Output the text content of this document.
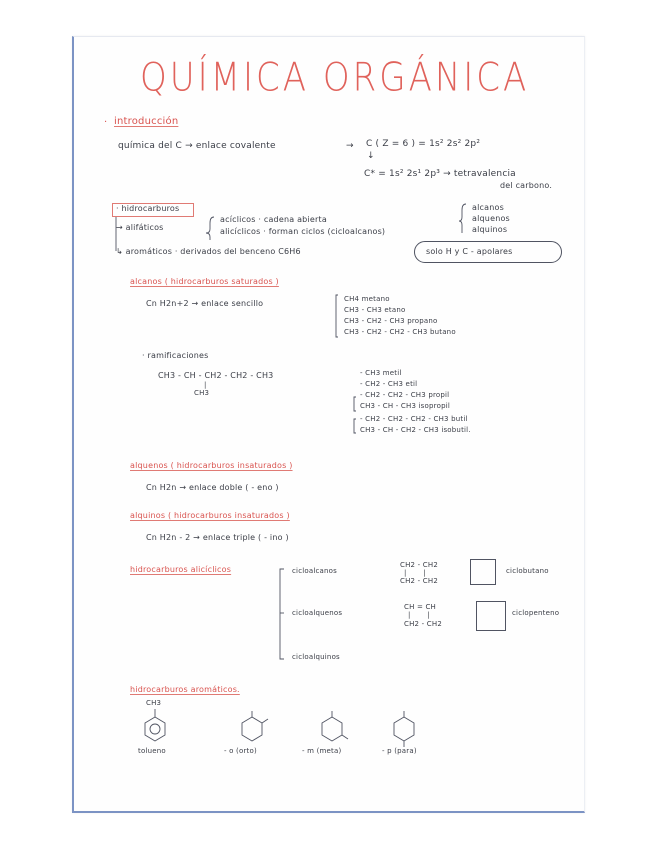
QUÍMICA ORGÁNICA
· introducción
química del C → enlace covalente	→ C ( Z = 6 ) = 1s² 2s² 2p²
↓
C* = 1s² 2s¹ 2p³ → tetravalencia
del carbono.
· hidrocarburos
→ alifáticos
acíclicos · cadena abierta
alicíclicos · forman ciclos (cicloalcanos)
alcanos
alquenos
alquinos
↳ aromáticos · derivados del benceno C6H6	solo H y C - apolares
alcanos ( hidrocarburos saturados )
Cn H2n+2 → enlace sencillo	CH4 metano
CH3 - CH3 etano
CH3 - CH2 - CH3 propano
CH3 - CH2 - CH2 - CH3 butano
· ramificaciones
CH3 - CH - CH2 - CH2 - CH3
|
CH3
- CH3 metil
- CH2 - CH3 etil
- CH2 - CH2 - CH3 propil
CH3 - CH - CH3 isopropil
- CH2 - CH2 - CH2 - CH3 butil
CH3 - CH - CH2 - CH3 isobutil.
alquenos ( hidrocarburos insaturados )
Cn H2n → enlace doble ( - eno )
alquinos ( hidrocarburos insaturados )
Cn H2n - 2 → enlace triple ( - ino )
hidrocarburos alicíclicos	cicloalcanos
cicloalquenos
cicloalquinos
CH2 - CH2
|       |
CH2 - CH2
ciclobutano
CH = CH
|       |
CH2 - CH2
ciclopenteno
hidrocarburos aromáticos.
CH3
tolueno	- o (orto)	- m (meta)	- p (para)
